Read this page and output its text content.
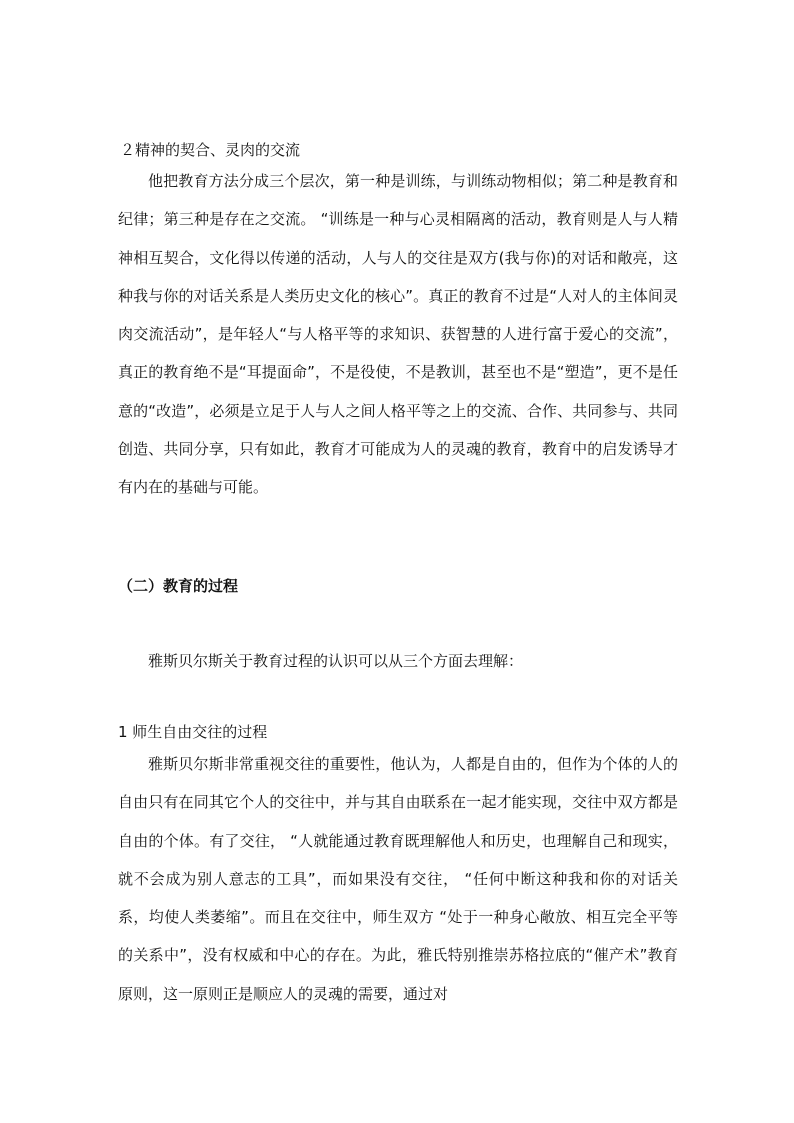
２精神的契合、灵肉的交流

他把教育方法分成三个层次，第一种是训练，与训练动物相似；第二种是教育和纪律；第三种是存在之交流。 “训练是一种与心灵相隔离的活动，教育则是人与人精神相互契合，文化得以传递的活动，人与人的交往是双方(我与你)的对话和敞亮，这种我与你的对话关系是人类历史文化的核心”。真正的教育不过是“人对人的主体间灵肉交流活动”，是年轻人“与人格平等的求知识、获智慧的人进行富于爱心的交流”，真正的教育绝不是“耳提面命”，不是役使，不是教训，甚至也不是“塑造”，更不是任意的“改造”，必须是立足于人与人之间人格平等之上的交流、合作、共同参与、共同创造、共同分享，只有如此，教育才可能成为人的灵魂的教育，教育中的启发诱导才有内在的基础与可能。

（二）教育的过程

雅斯贝尔斯关于教育过程的认识可以从三个方面去理解：

1 师生自由交往的过程

雅斯贝尔斯非常重视交往的重要性，他认为，人都是自由的，但作为个体的人的自由只有在同其它个人的交往中，并与其自由联系在一起才能实现，交往中双方都是自由的个体。有了交往， “人就能通过教育既理解他人和历史，也理解自己和现实，就不会成为别人意志的工具”，而如果没有交往， “任何中断这种我和你的对话关系，均使人类萎缩”。而且在交往中，师生双方 “处于一种身心敞放、相互完全平等的关系中”，没有权威和中心的存在。为此，雅氏特别推崇苏格拉底的“催产术”教育原则，这一原则正是顺应人的灵魂的需要，通过对
